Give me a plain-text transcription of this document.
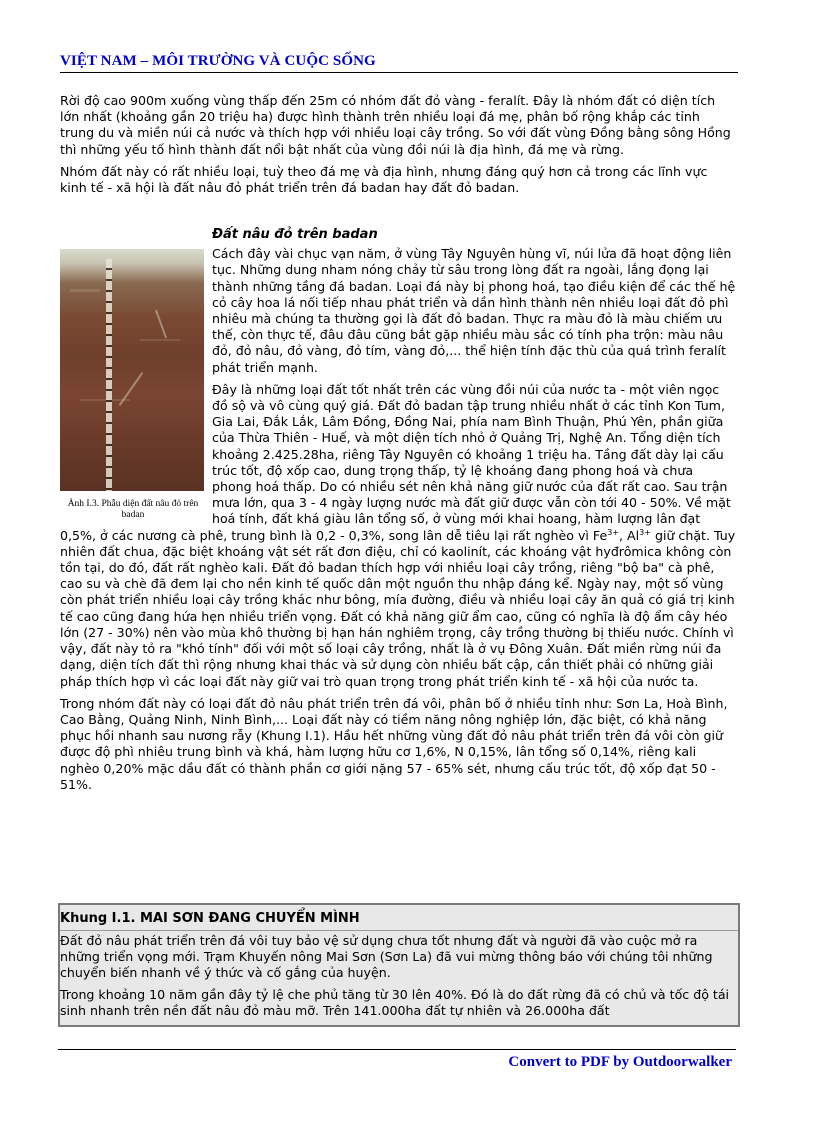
VIỆT NAM – MÔI TRƯỜNG VÀ CUỘC SỐNG

Rời độ cao 900m xuống vùng thấp đến 25m có nhóm đất đỏ vàng - feralít. Đây là nhóm đất có diện tích lớn nhất (khoảng gần 20 triệu ha) được hình thành trên nhiều loại đá mẹ, phân bố rộng khắp các tỉnh trung du và miền núi cả nước và thích hợp với nhiều loại cây trồng. So với đất vùng Đồng bằng sông Hồng thì những yếu tố hình thành đất nổi bật nhất của vùng đồi núi là địa hình, đá mẹ và rừng.

Nhóm đất này có rất nhiều loại, tuỳ theo đá mẹ và địa hình, nhưng đáng quý hơn cả trong các lĩnh vực kinh tế - xã hội là đất nâu đỏ phát triển trên đá badan hay đất đỏ badan.

Đất nâu đỏ trên badan
Ảnh I.3. Phẫu diện đất nâu đỏ trên badan

Cách đây vài chục vạn năm, ở vùng Tây Nguyên hùng vĩ, núi lửa đã hoạt động liên tục. Những dung nham nóng chảy từ sâu trong lòng đất ra ngoài, lắng đọng lại thành những tầng đá badan. Loại đá này bị phong hoá, tạo điều kiện để các thế hệ cỏ cây hoa lá nối tiếp nhau phát triển và dần hình thành nên nhiều loại đất đỏ phì nhiêu mà chúng ta thường gọi là đất đỏ badan. Thực ra màu đỏ là màu chiếm ưu thế, còn thực tế, đâu đâu cũng bắt gặp nhiều màu sắc có tính pha trộn: màu nâu đỏ, đỏ nâu, đỏ vàng, đỏ tím, vàng đỏ,... thể hiện tính đặc thù của quá trình feralít phát triển mạnh.

Đây là những loại đất tốt nhất trên các vùng đồi núi của nước ta - một viên ngọc đồ sộ và vô cùng quý giá. Đất đỏ badan tập trung nhiều nhất ở các tỉnh Kon Tum, Gia Lai, Đắk Lắk, Lâm Đồng, Đồng Nai, phía nam Bình Thuận, Phú Yên, phần giữa của Thừa Thiên - Huế, và một diện tích nhỏ ở Quảng Trị, Nghệ An. Tổng diện tích khoảng 2.425.28ha, riêng Tây Nguyên có khoảng 1 triệu ha. Tầng đất dày lại cấu trúc tốt, độ xốp cao, dung trọng thấp, tỷ lệ khoáng đang phong hoá và chưa phong hoá thấp. Do có nhiều sét nên khả năng giữ nước của đất rất cao. Sau trận mưa lớn, qua 3 - 4 ngày lượng nước mà đất giữ được vẫn còn tới 40 - 50%. Về mặt hoá tính, đất khá giàu lân tổng số, ở vùng mới khai hoang, hàm lượng lân đạt 0,5%, ở các nương cà phê, trung bình là 0,2 - 0,3%, song lân dễ tiêu lại rất nghèo vì $Fe^{3+}$, $Al^{3+}$ giữ chặt. Tuy nhiên đất chua, đặc biệt khoáng vật sét rất đơn điệu, chỉ có kaolinít, các khoáng vật hyđrômica không còn tồn tại, do đó, đất rất nghèo kali. Đất đỏ badan thích hợp với nhiều loại cây trồng, riêng "bộ ba" cà phê, cao su và chè đã đem lại cho nền kinh tế quốc dân một nguồn thu nhập đáng kể. Ngày nay, một số vùng còn phát triển nhiều loại cây trồng khác như bông, mía đường, điều và nhiều loại cây ăn quả có giá trị kinh tế cao cũng đang hứa hẹn nhiều triển vọng. Đất có khả năng giữ ẩm cao, cũng có nghĩa là độ ẩm cây héo lớn (27 - 30%) nên vào mùa khô thường bị hạn hán nghiêm trọng, cây trồng thường bị thiếu nước. Chính vì vậy, đất này tỏ ra "khó tính" đối với một số loại cây trồng, nhất là ở vụ Đông Xuân. Đất miền rừng núi đa dạng, diện tích đất thì rộng nhưng khai thác và sử dụng còn nhiều bất cập, cần thiết phải có những giải pháp thích hợp vì các loại đất này giữ vai trò quan trọng trong phát triển kinh tế - xã hội của nước ta.

Trong nhóm đất này có loại đất đỏ nâu phát triển trên đá vôi, phân bố ở nhiều tỉnh như: Sơn La, Hoà Bình, Cao Bằng, Quảng Ninh, Ninh Bình,... Loại đất này có tiềm năng nông nghiệp lớn, đặc biệt, có khả năng phục hồi nhanh sau nương rẫy (Khung I.1). Hầu hết những vùng đất đỏ nâu phát triển trên đá vôi còn giữ được độ phì nhiêu trung bình và khá, hàm lượng hữu cơ 1,6%, N 0,15%, lân tổng số 0,14%, riêng kali nghèo 0,20% mặc dầu đất có thành phần cơ giới nặng 57 - 65% sét, nhưng cấu trúc tốt, độ xốp đạt 50 - 51%.

Khung I.1. MAI SƠN ĐANG CHUYỂN MÌNH

Đất đỏ nâu phát triển trên đá vôi tuy bảo vệ sử dụng chưa tốt nhưng đất và người đã vào cuộc mở ra những triển vọng mới. Trạm Khuyến nông Mai Sơn (Sơn La) đã vui mừng thông báo với chúng tôi những chuyển biến nhanh về ý thức và cố gắng của huyện.

Trong khoảng 10 năm gần đây tỷ lệ che phủ tăng từ 30 lên 40%. Đó là do đất rừng đã có chủ và tốc độ tái sinh nhanh trên nền đất nâu đỏ màu mỡ. Trên 141.000ha đất tự nhiên và 26.000ha đất

Convert to PDF by Outdoorwalker
